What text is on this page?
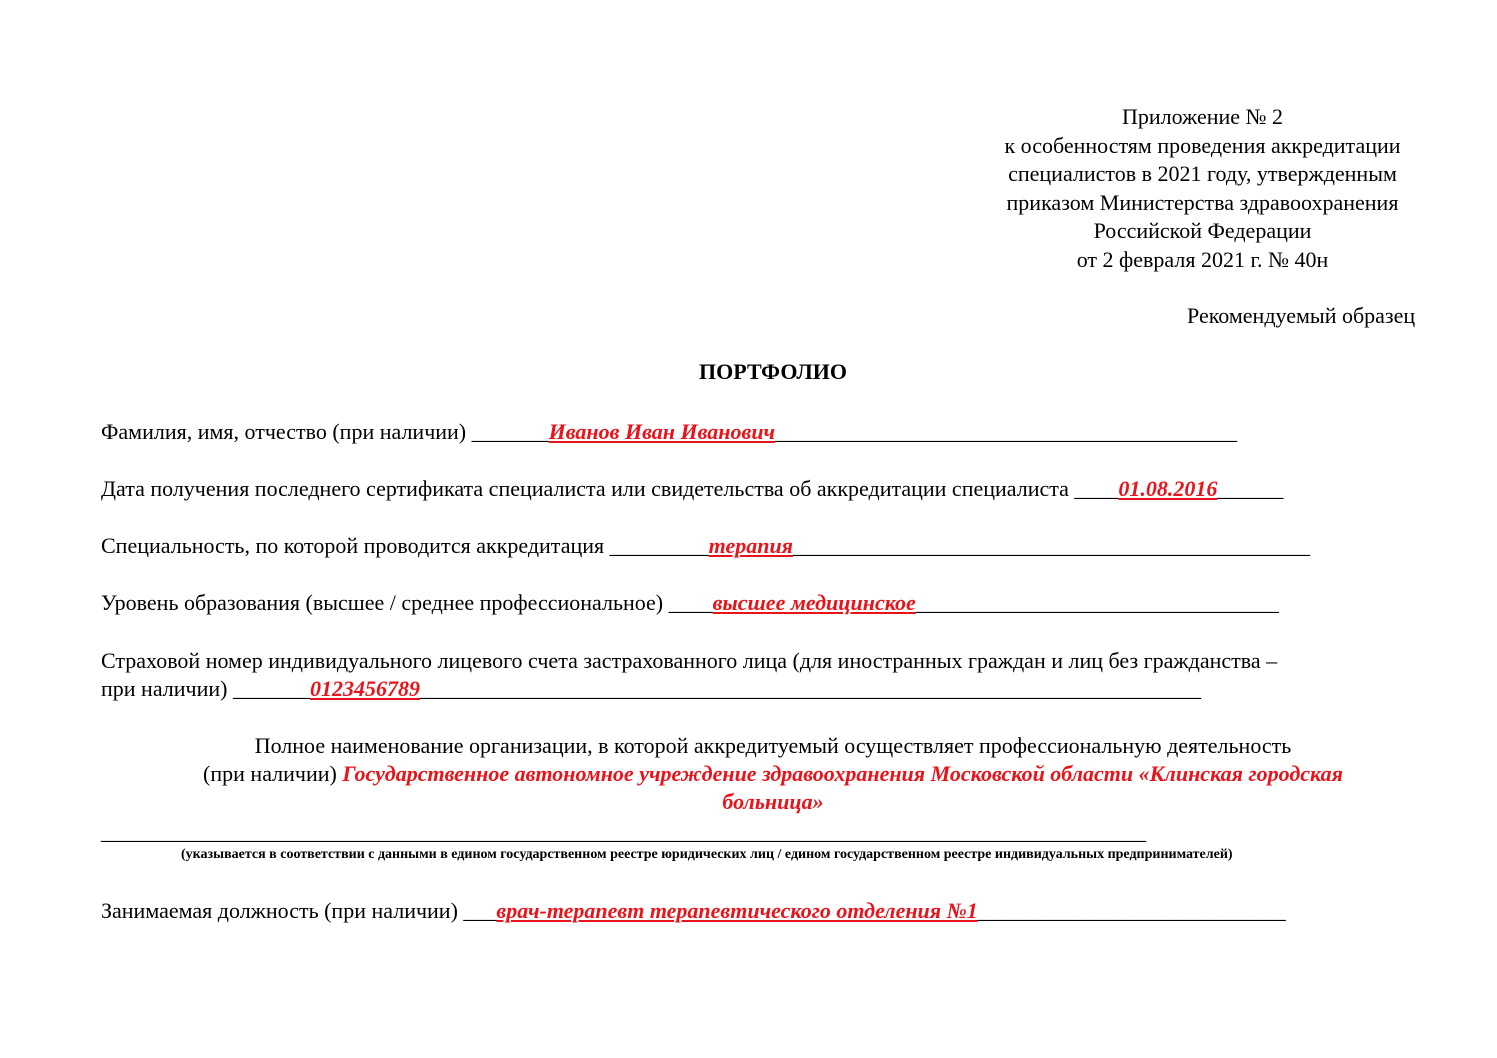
Приложение № 2
к особенностям проведения аккредитации
специалистов в 2021 году, утвержденным
приказом Министерства здравоохранения
Российской Федерации
от 2 февраля 2021 г. № 40н
Рекомендуемый образец
ПОРТФОЛИО
Фамилия, имя, отчество (при наличии) _______Иванов Иван Иванович__________________________________________
Дата получения последнего сертификата специалиста или свидетельства об аккредитации специалиста ____01.08.2016______
Специальность, по которой проводится аккредитация _________терапия_______________________________________________
Уровень образования (высшее / среднее профессиональное) ____высшее медицинское_________________________________
Страховой номер индивидуального лицевого счета застрахованного лица (для иностранных граждан и лиц без гражданства –
при наличии) _______0123456789_______________________________________________________________________
Полное наименование организации, в которой аккредитуемый осуществляет профессиональную деятельность
(при наличии) Государственное автономное учреждение здравоохранения Московской области «Клинская городская
больница»
_______________________________________________________________________________________________
(указывается в соответствии с данными в едином государственном реестре юридических лиц / едином государственном реестре индивидуальных предпринимателей)
Занимаемая должность (при наличии) ___врач-терапевт терапевтического отделения №1____________________________
